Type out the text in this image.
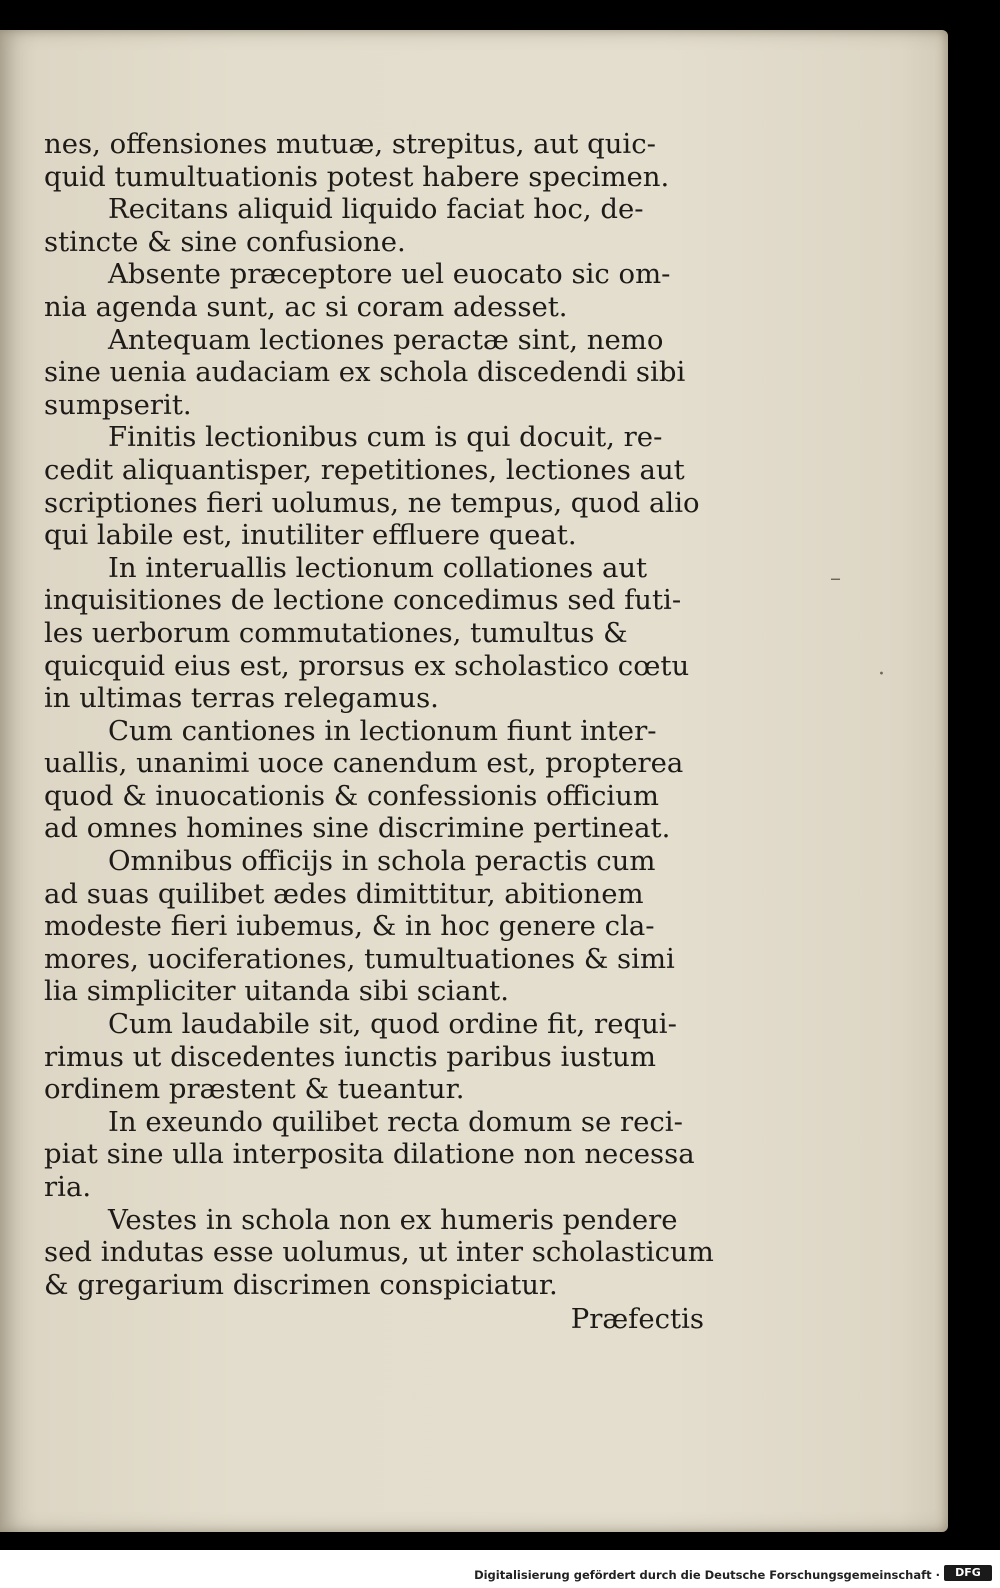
nes, offensiones mutuæ, strepitus, aut quic-
quid tumultuationis potest habere specimen.
Recitans aliquid liquido faciat hoc, de-
stincte & sine confusione.
Absente præceptore uel euocato sic om-
nia agenda sunt, ac si coram adesset.
Antequam lectiones peractæ sint, nemo
sine uenia audaciam ex schola discedendi sibi
sumpserit.
Finitis lectionibus cum is qui docuit, re-
cedit aliquantisper, repetitiones, lectiones aut
scriptiones fieri uolumus, ne tempus, quod alio
qui labile est, inutiliter effluere queat.
In interuallis lectionum collationes aut
inquisitiones de lectione concedimus sed futi-
les uerborum commutationes, tumultus &
quicquid eius est, prorsus ex scholastico cœtu
in ultimas terras relegamus.
Cum cantiones in lectionum fiunt inter-
uallis, unanimi uoce canendum est, propterea
quod & inuocationis & confessionis officium
ad omnes homines sine discrimine pertineat.
Omnibus officijs in schola peractis cum
ad suas quilibet ædes dimittitur, abitionem
modeste fieri iubemus, & in hoc genere cla-
mores, uociferationes, tumultuationes & simi
lia simpliciter uitanda sibi sciant.
Cum laudabile sit, quod ordine fit, requi-
rimus ut discedentes iunctis paribus iustum
ordinem præstent & tueantur.
In exeundo quilibet recta domum se reci-
piat sine ulla interposita dilatione non necessa
ria.
Vestes in schola non ex humeris pendere
sed indutas esse uolumus, ut inter scholasticum
& gregarium discrimen conspiciatur.
Præfectis
–
·
Digitalisierung gefördert durch die Deutsche Forschungsgemeinschaft ·	DFG
